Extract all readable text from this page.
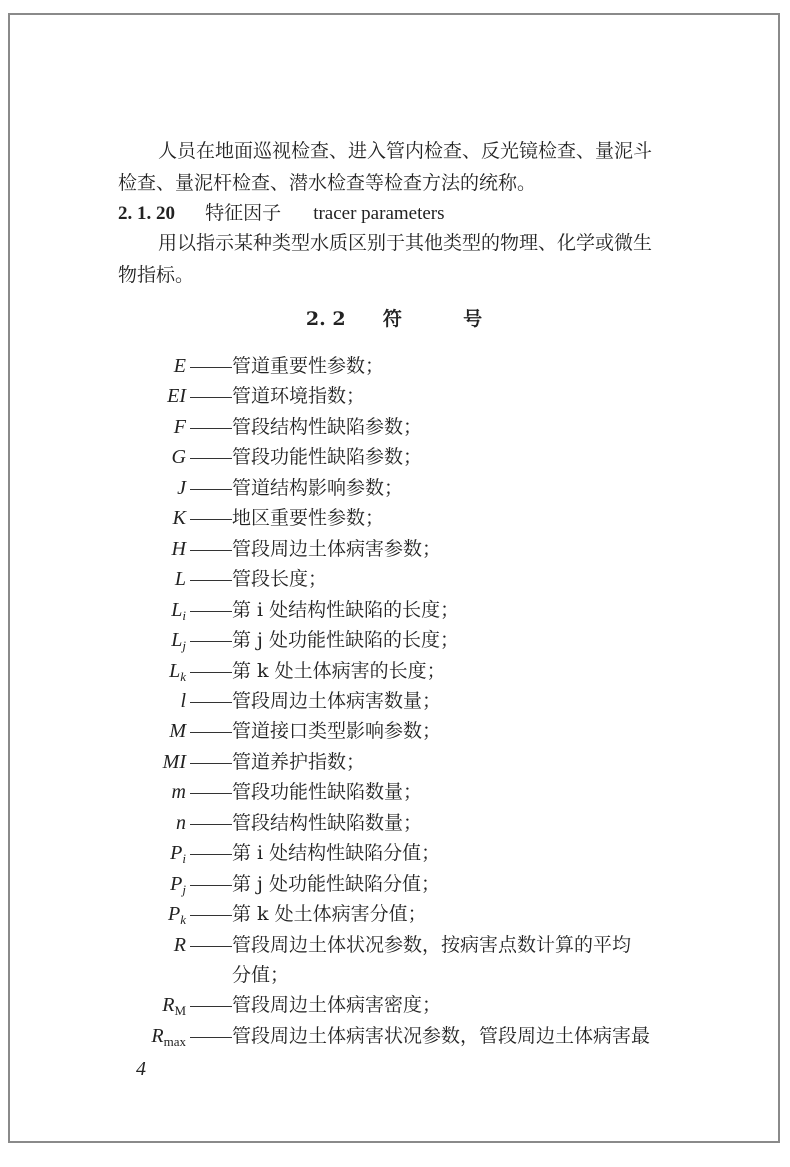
人员在地面巡视检查、进入管内检查、反光镜检查、量泥斗
检查、量泥杆检查、潜水检查等检查方法的统称。
2. 1. 20 特征因子 tracer parameters
用以指示某种类型水质区别于其他类型的物理、化学或微生
物指标。
2. 2 符	号
E 管道重要性参数；
EI 管道环境指数；
F 管段结构性缺陷参数；
G 管段功能性缺陷参数；
J 管道结构影响参数；
K 地区重要性参数；
H 管段周边土体病害参数；
L 管段长度；
$L_i$ 第 i 处结构性缺陷的长度；
$L_j$ 第 j 处功能性缺陷的长度；
$L_k$ 第 k 处土体病害的长度；
l 管段周边土体病害数量；
M 管道接口类型影响参数；
MI 管道养护指数；
m 管段功能性缺陷数量；
n 管段结构性缺陷数量；
$P_i$ 第 i 处结构性缺陷分值；
$P_j$ 第 j 处功能性缺陷分值；
$P_k$ 第 k 处土体病害分值；
R 管段周边土体状况参数，按病害点数计算的平均
$R_M$ 管段周边土体病害密度；
$R_{max}$ 管段周边土体病害状况参数，管段周边土体病害最
分值；
4
